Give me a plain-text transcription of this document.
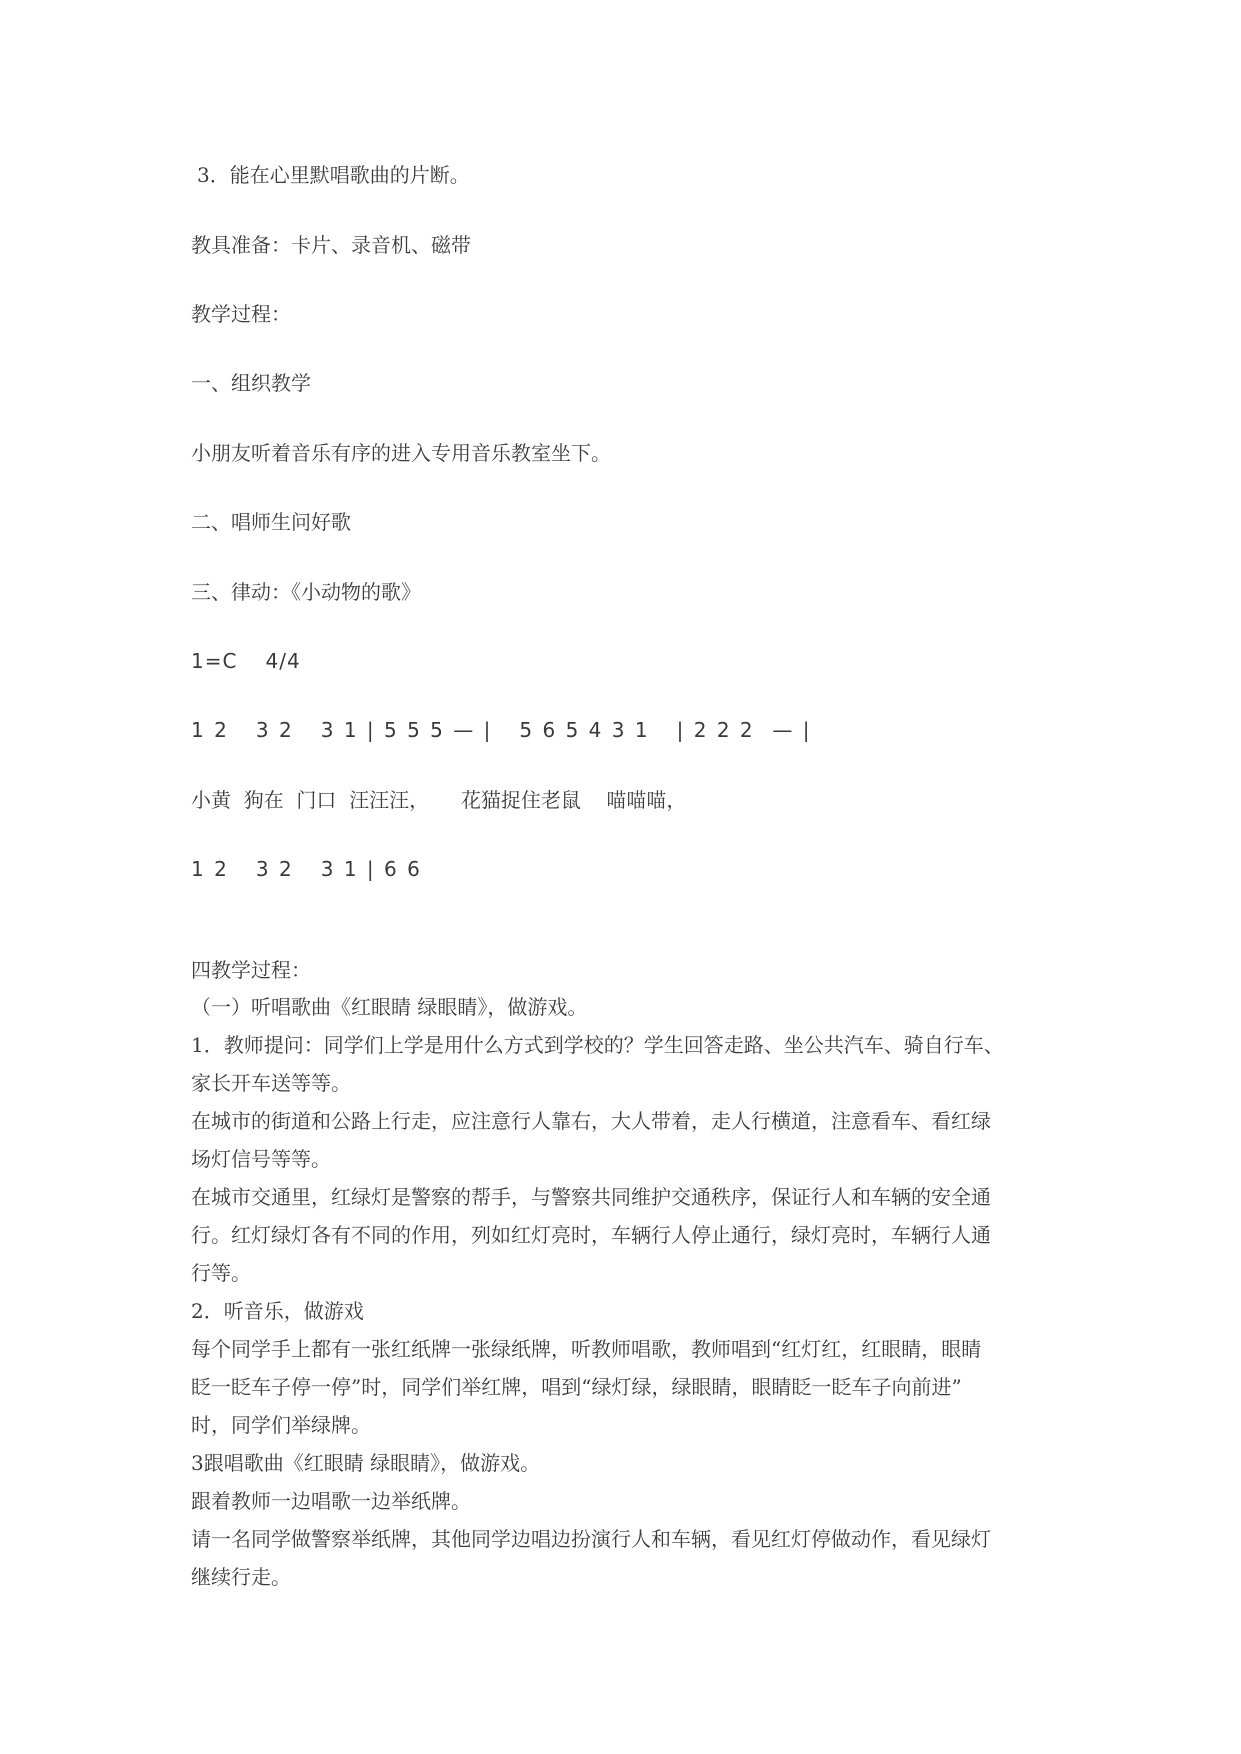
3．能在心里默唱歌曲的片断。
教具准备：卡片、录音机、磁带
教学过程：
一、组织教学
小朋友听着音乐有序的进入专用音乐教室坐下。
二、唱师生问好歌
三、律动：《小动物的歌》
1=C   4/4
1 2   3 2   3 1 | 5 5 5 — |   5 6 5 4 3 1   | 2 2 2  — |
小黄  狗在  门口  汪汪汪，     花猫捉住老鼠    喵喵喵，
1 2   3 2   3 1 | 6 6
四教学过程：
（一）听唱歌曲《红眼睛 绿眼睛》，做游戏。
1．教师提问：同学们上学是用什么方式到学校的？学生回答走路、坐公共汽车、骑自行车、
家长开车送等等。
在城市的街道和公路上行走，应注意行人靠右，大人带着，走人行横道，注意看车、看红绿
场灯信号等等。
在城市交通里，红绿灯是警察的帮手，与警察共同维护交通秩序，保证行人和车辆的安全通
行。红灯绿灯各有不同的作用，列如红灯亮时，车辆行人停止通行，绿灯亮时，车辆行人通
行等。
2．听音乐，做游戏
每个同学手上都有一张红纸牌一张绿纸牌，听教师唱歌，教师唱到“红灯红，红眼睛，眼睛
眨一眨车子停一停”时，同学们举红牌，唱到“绿灯绿，绿眼睛，眼睛眨一眨车子向前进”
时，同学们举绿牌。
3跟唱歌曲《红眼睛 绿眼睛》，做游戏。
跟着教师一边唱歌一边举纸牌。
请一名同学做警察举纸牌，其他同学边唱边扮演行人和车辆，看见红灯停做动作，看见绿灯
继续行走。
